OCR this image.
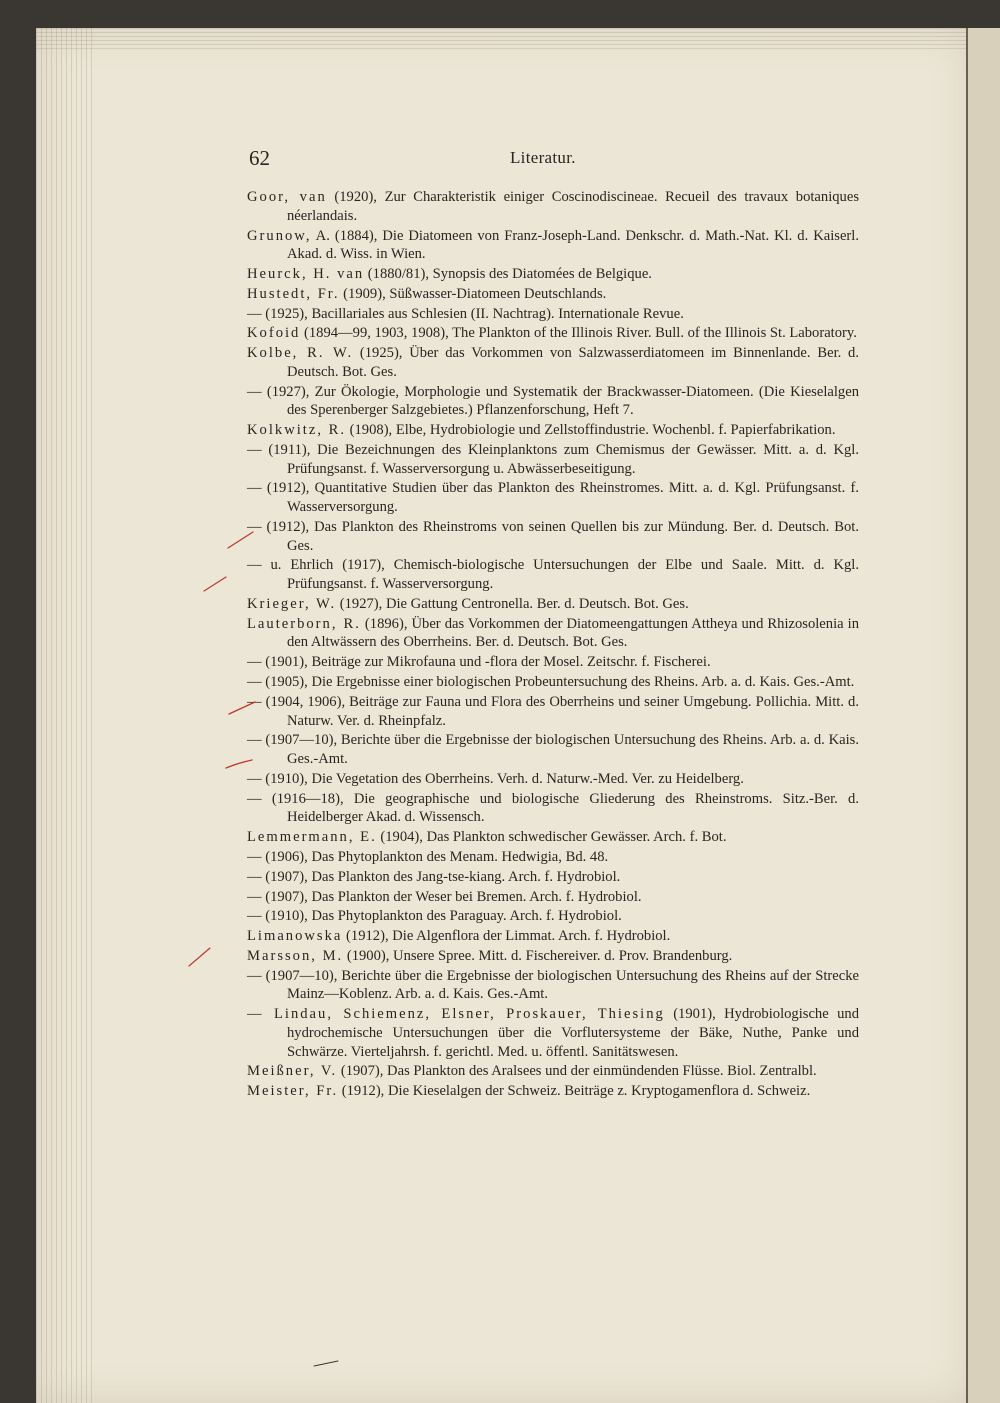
62	Literatur.
Goor, van (1920), Zur Charakteristik einiger Coscinodiscineae. Recueil des travaux botaniques néerlandais.
Grunow, A. (1884), Die Diatomeen von Franz-Joseph-Land. Denkschr. d. Math.-Nat. Kl. d. Kaiserl. Akad. d. Wiss. in Wien.
Heurck, H. van (1880/81), Synopsis des Diatomées de Belgique.
Hustedt, Fr. (1909), Süßwasser-Diatomeen Deutschlands.
— (1925), Bacillariales aus Schlesien (II. Nachtrag). Internationale Revue.
Kofoid (1894—99, 1903, 1908), The Plankton of the Illinois River. Bull. of the Illinois St. Laboratory.
Kolbe, R. W. (1925), Über das Vorkommen von Salzwasserdiatomeen im Binnenlande. Ber. d. Deutsch. Bot. Ges.
— (1927), Zur Ökologie, Morphologie und Systematik der Brackwasser-Diatomeen. (Die Kieselalgen des Sperenberger Salzgebietes.) Pflanzenforschung, Heft 7.
Kolkwitz, R. (1908), Elbe, Hydrobiologie und Zellstoffindustrie. Wochenbl. f. Papierfabrikation.
— (1911), Die Bezeichnungen des Kleinplanktons zum Chemismus der Gewässer. Mitt. a. d. Kgl. Prüfungsanst. f. Wasserversorgung u. Abwässerbeseitigung.
— (1912), Quantitative Studien über das Plankton des Rheinstromes. Mitt. a. d. Kgl. Prüfungsanst. f. Wasserversorgung.
— (1912), Das Plankton des Rheinstroms von seinen Quellen bis zur Mündung. Ber. d. Deutsch. Bot. Ges.
— u. Ehrlich (1917), Chemisch-biologische Untersuchungen der Elbe und Saale. Mitt. d. Kgl. Prüfungsanst. f. Wasserversorgung.
Krieger, W. (1927), Die Gattung Centronella. Ber. d. Deutsch. Bot. Ges.
Lauterborn, R. (1896), Über das Vorkommen der Diatomeengattungen Attheya und Rhizosolenia in den Altwässern des Oberrheins. Ber. d. Deutsch. Bot. Ges.
— (1901), Beiträge zur Mikrofauna und -flora der Mosel. Zeitschr. f. Fischerei.
— (1905), Die Ergebnisse einer biologischen Probeuntersuchung des Rheins. Arb. a. d. Kais. Ges.-Amt.
— (1904, 1906), Beiträge zur Fauna und Flora des Oberrheins und seiner Umgebung. Pollichia. Mitt. d. Naturw. Ver. d. Rheinpfalz.
— (1907—10), Berichte über die Ergebnisse der biologischen Untersuchung des Rheins. Arb. a. d. Kais. Ges.-Amt.
— (1910), Die Vegetation des Oberrheins. Verh. d. Naturw.-Med. Ver. zu Heidelberg.
— (1916—18), Die geographische und biologische Gliederung des Rheinstroms. Sitz.-Ber. d. Heidelberger Akad. d. Wissensch.
Lemmermann, E. (1904), Das Plankton schwedischer Gewässer. Arch. f. Bot.
— (1906), Das Phytoplankton des Menam. Hedwigia, Bd. 48.
— (1907), Das Plankton des Jang-tse-kiang. Arch. f. Hydrobiol.
— (1907), Das Plankton der Weser bei Bremen. Arch. f. Hydrobiol.
— (1910), Das Phytoplankton des Paraguay. Arch. f. Hydrobiol.
Limanowska (1912), Die Algenflora der Limmat. Arch. f. Hydrobiol.
Marsson, M. (1900), Unsere Spree. Mitt. d. Fischereiver. d. Prov. Brandenburg.
— (1907—10), Berichte über die Ergebnisse der biologischen Untersuchung des Rheins auf der Strecke Mainz—Koblenz. Arb. a. d. Kais. Ges.-Amt.
— Lindau, Schiemenz, Elsner, Proskauer, Thiesing (1901), Hydrobiologische und hydrochemische Untersuchungen über die Vorflutersysteme der Bäke, Nuthe, Panke und Schwärze. Vierteljahrsh. f. gerichtl. Med. u. öffentl. Sanitätswesen.
Meißner, V. (1907), Das Plankton des Aralsees und der einmündenden Flüsse. Biol. Zentralbl.
Meister, Fr. (1912), Die Kieselalgen der Schweiz. Beiträge z. Kryptogamenflora d. Schweiz.
